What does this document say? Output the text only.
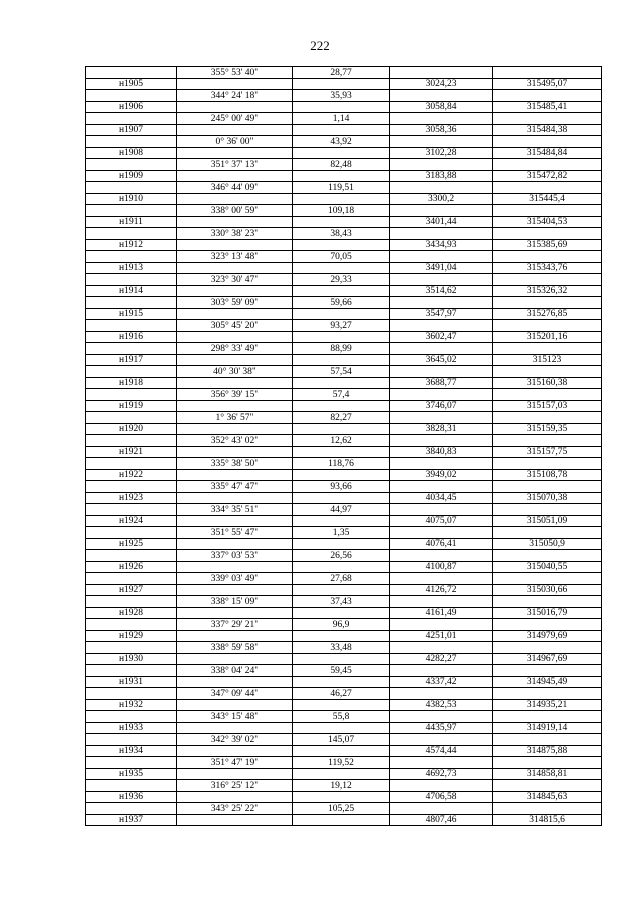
222
	355° 53' 40"	28,77		
н1905			3024,23	315495,07
	344° 24' 18"	35,93		
н1906			3058,84	315485,41
	245° 00' 49"	1,14		
н1907			3058,36	315484,38
	0° 36' 00"	43,92		
н1908			3102,28	315484,84
	351° 37' 13"	82,48		
н1909			3183,88	315472,82
	346° 44' 09"	119,51		
н1910			3300,2	315445,4
	338° 00' 59"	109,18		
н1911			3401,44	315404,53
	330° 38' 23"	38,43		
н1912			3434,93	315385,69
	323° 13' 48"	70,05		
н1913			3491,04	315343,76
	323° 30' 47"	29,33		
н1914			3514,62	315326,32
	303° 59' 09"	59,66		
н1915			3547,97	315276,85
	305° 45' 20"	93,27		
н1916			3602,47	315201,16
	298° 33' 49"	88,99		
н1917			3645,02	315123
	40° 30' 38"	57,54		
н1918			3688,77	315160,38
	356° 39' 15"	57,4		
н1919			3746,07	315157,03
	1° 36' 57"	82,27		
н1920			3828,31	315159,35
	352° 43' 02"	12,62		
н1921			3840,83	315157,75
	335° 38' 50"	118,76		
н1922			3949,02	315108,78
	335° 47' 47"	93,66		
н1923			4034,45	315070,38
	334° 35' 51"	44,97		
н1924			4075,07	315051,09
	351° 55' 47"	1,35		
н1925			4076,41	315050,9
	337° 03' 53"	26,56		
н1926			4100,87	315040,55
	339° 03' 49"	27,68		
н1927			4126,72	315030,66
	338° 15' 09"	37,43		
н1928			4161,49	315016,79
	337° 29' 21"	96,9		
н1929			4251,01	314979,69
	338° 59' 58"	33,48		
н1930			4282,27	314967,69
	338° 04' 24"	59,45		
н1931			4337,42	314945,49
	347° 09' 44"	46,27		
н1932			4382,53	314935,21
	343° 15' 48"	55,8		
н1933			4435,97	314919,14
	342° 39' 02"	145,07		
н1934			4574,44	314875,88
	351° 47' 19"	119,52		
н1935			4692,73	314858,81
	316° 25' 12"	19,12		
н1936			4706,58	314845,63
	343° 25' 22"	105,25		
н1937			4807,46	314815,6
